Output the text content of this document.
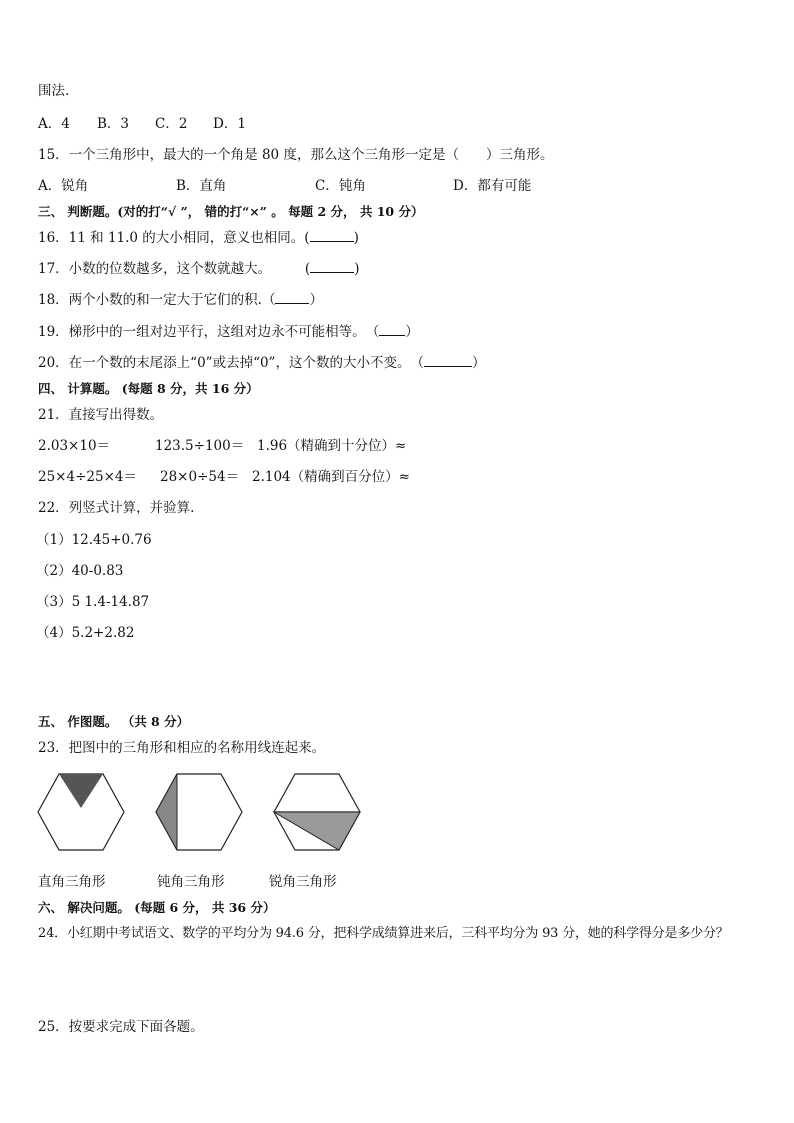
围法.
A．4 B．3 C．2 D．1
15．一个三角形中，最大的一个角是 80 度，那么这个三角形一定是（　　）三角形。
A．锐角	B．直角	C．钝角	D．都有可能
三、 判断题。(对的打“√ ”， 错的打“×” 。 每题 2 分， 共 10 分）
16．11 和 11.0 的大小相同，意义也相同。(	)
17．小数的位数越多，这个数就越大。　　　(	)
18．两个小数的和一定大于它们的积.（	）
19．梯形中的一组对边平行，这组对边永不可能相等。（ ）
20．在一个数的末尾添上“0”或去掉“0”，这个数的大小不变。（	）
四、 计算题。 (每题 8 分，共 16 分）
21．直接写出得数。
2.03×10＝	123.5÷100＝ 1.96（精确到十分位）≈
25×4÷25×4＝ 28×0÷54＝ 2.104（精确到百分位）≈
22．列竖式计算，并验算.
（1）12.45+0.76
（2）40-0.83
（3）5 1.4-14.87
（4）5.2+2.82
五、 作图题。 （共 8 分）
23．把图中的三角形和相应的名称用线连起来。
直角三角形	钝角三角形	锐角三角形
六、 解决问题。 (每题 6 分， 共 36 分）
24．小红期中考试语文、数学的平均分为 94.6 分，把科学成绩算进来后，三科平均分为 93 分，她的科学得分是多少分？
25．按要求完成下面各题。
